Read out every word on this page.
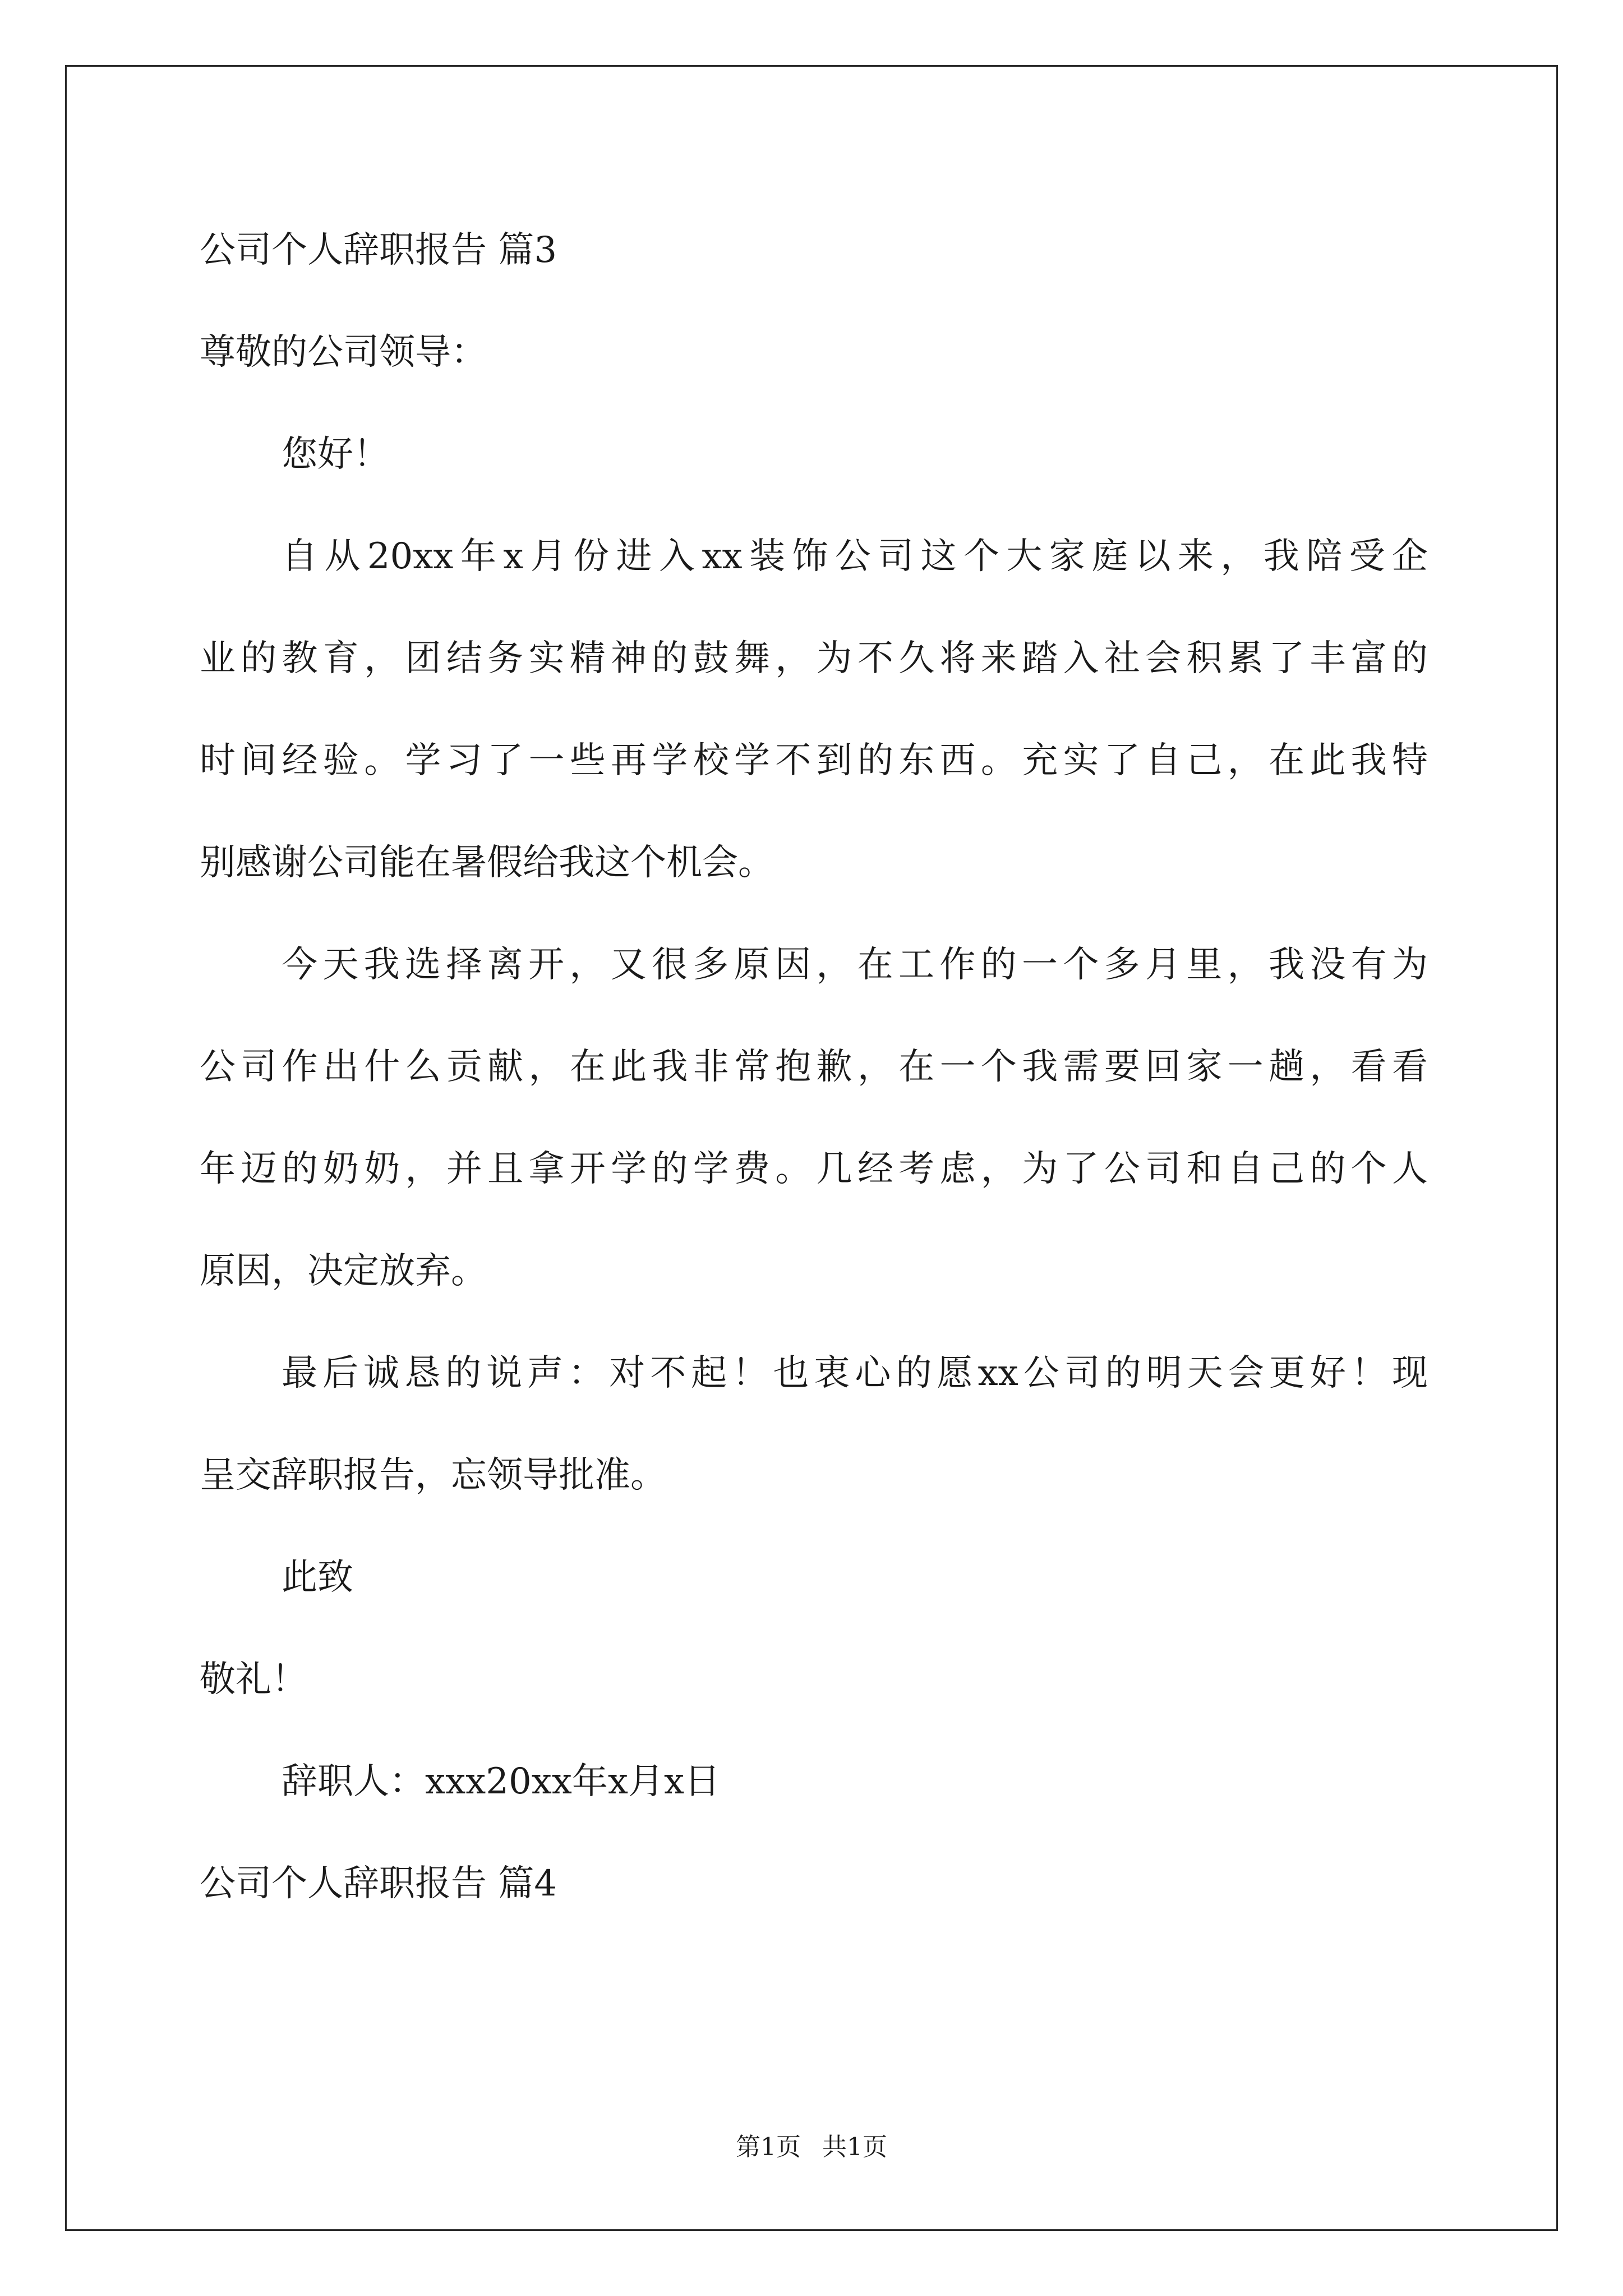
公司个人辞职报告 篇3
尊敬的公司领导：
您好！
自从20xx年x月份进入xx装饰公司这个大家庭以来，我陪受企
业的教育，团结务实精神的鼓舞，为不久将来踏入社会积累了丰富的
时间经验。学习了一些再学校学不到的东西。充实了自己，在此我特
别感谢公司能在暑假给我这个机会。
今天我选择离开，又很多原因，在工作的一个多月里，我没有为
公司作出什么贡献，在此我非常抱歉，在一个我需要回家一趟，看看
年迈的奶奶，并且拿开学的学费。几经考虑，为了公司和自己的个人
原因，决定放弃。
最后诚恳的说声：对不起！也衷心的愿xx公司的明天会更好！现
呈交辞职报告，忘领导批准。
此致
敬礼！
辞职人：xxx20xx年x月x日
公司个人辞职报告 篇4
第1页 共1页
